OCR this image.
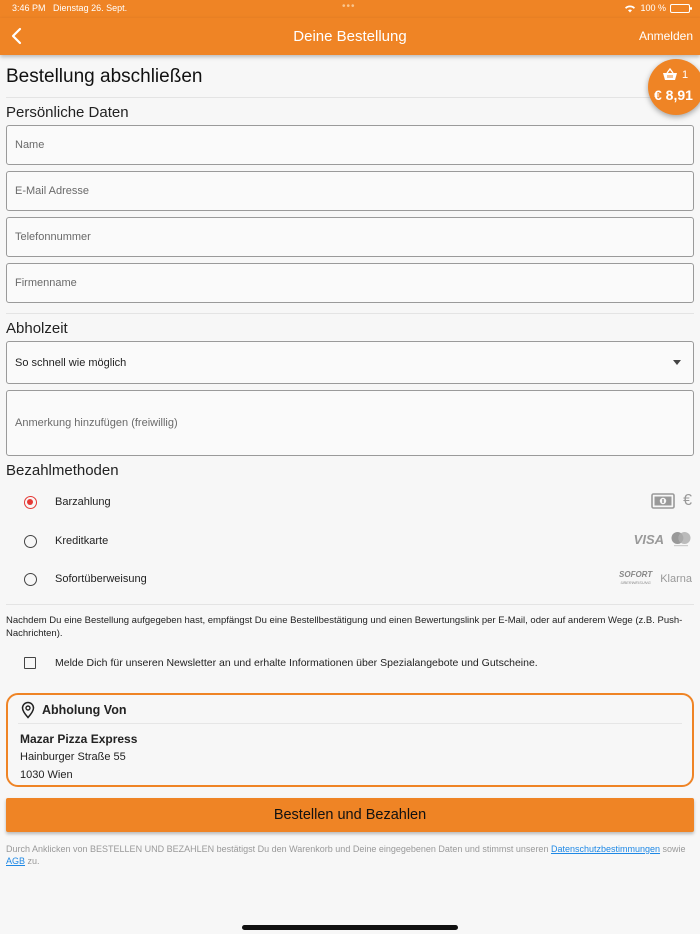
3:46 PM Dienstag 26. Sept.	•••	100 %
Deine Bestellung	Anmelden
Bestellung abschließen	1
€ 8,91
Persönliche Daten
Name
E-Mail Adresse
Telefonnummer
Firmenname
Abholzeit
So schnell wie möglich
Anmerkung hinzufügen (freiwillig)
Bezahlmethoden
Barzahlung	€
Kreditkarte	VISA
Sofortüberweisung	SOFORT
ÜBERWEISUNG Klarna
Nachdem Du eine Bestellung aufgegeben hast, empfängst Du eine Bestellbestätigung und einen Bewertungslink per E-Mail, oder auf anderem Wege (z.B. Push-Nachrichten).
Melde Dich für unseren Newsletter an und erhalte Informationen über Spezialangebote und Gutscheine.
Abholung Von
Mazar Pizza Express
Hainburger Straße 55
1030 Wien
Bestellen und Bezahlen
Durch Anklicken von BESTELLEN UND BEZAHLEN bestätigst Du den Warenkorb und Deine eingegebenen Daten und stimmst unseren Datenschutzbestimmungen sowie AGB zu.
